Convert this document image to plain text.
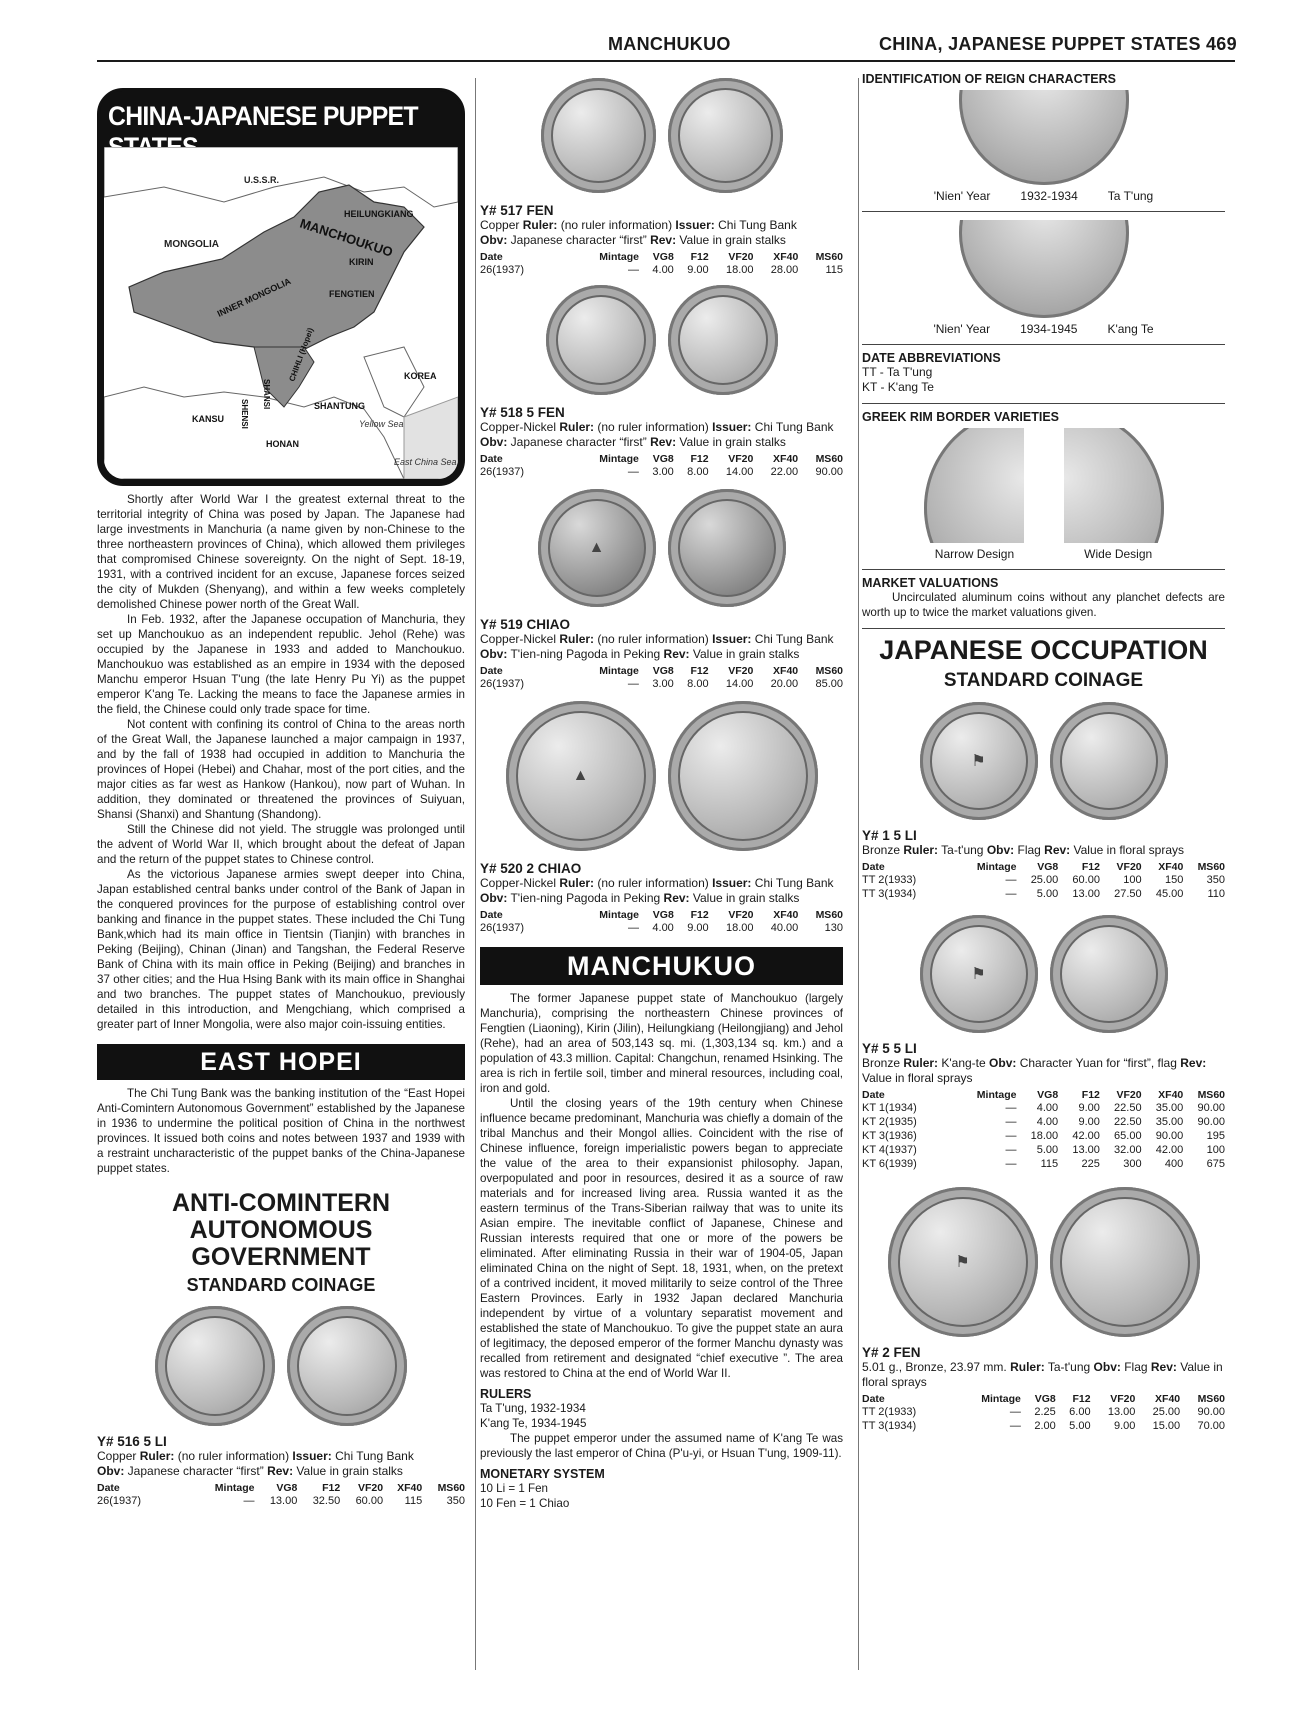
MANCHUKUO	CHINA, JAPANESE PUPPET STATES 469
CHINA-JAPANESE PUPPET
U.S.S.R.
MONGOLIA	MANCHOUKUO
HEILUNGKIANG
KIRIN
FENGTIEN
INNER MONGOLIA
CHIHLI (Hopei)
SHANSI	SHANTUNG
KOREA
KANSU SHENSI
HONAN
Yellow Sea
East China Sea

Shortly after World War I the greatest external threat to the territorial integrity of China was posed by Japan. The Japanese had large investments in Manchuria (a name given by non-Chinese to the three northeastern provinces of China), which allowed them privileges that compromised Chinese sovereignty. On the night of Sept. 18-19, 1931, with a contrived incident for an excuse, Japanese forces seized the city of Mukden (Shenyang), and within a few weeks completely demolished Chinese power north of the Great Wall.

In Feb. 1932, after the Japanese occupation of Manchuria, they set up Manchoukuo as an independent republic. Jehol (Rehe) was occupied by the Japanese in 1933 and added to Manchoukuo. Manchoukuo was established as an empire in 1934 with the deposed Manchu emperor Hsuan T'ung (the late Henry Pu Yi) as the puppet emperor K'ang Te. Lacking the means to face the Japanese armies in the field, the Chinese could only trade space for time.

Not content with confining its control of China to the areas north of the Great Wall, the Japanese launched a major campaign in 1937, and by the fall of 1938 had occupied in addition to Manchuria the provinces of Hopei (Hebei) and Chahar, most of the port cities, and the major cities as far west as Hankow (Hankou), now part of Wuhan. In addition, they dominated or threatened the provinces of Suiyuan, Shansi (Shanxi) and Shantung (Shandong).

Still the Chinese did not yield. The struggle was prolonged until the advent of World War II, which brought about the defeat of Japan and the return of the puppet states to Chinese control.

As the victorious Japanese armies swept deeper into China, Japan established central banks under control of the Bank of Japan in the conquered provinces for the purpose of establishing control over banking and finance in the puppet states. These included the Chi Tung Bank,which had its main office in Tientsin (Tianjin) with branches in Peking (Beijing), Chinan (Jinan) and Tangshan, the Federal Reserve Bank of China with its main office in Peking (Beijing) and branches in 37 other cities; and the Hua Hsing Bank with its main office in Shanghai and two branches. The puppet states of Manchoukuo, previously detailed in this introduction, and Mengchiang, which comprised a greater part of Inner Mongolia, were also major coin-issuing entities.

EAST HOPEI

The Chi Tung Bank was the banking institution of the “East Hopei Anti-Comintern Autonomous Government” established by the Japanese in 1936 to undermine the political position of China in the northwest provinces. It issued both coins and notes between 1937 and 1939 with a restraint uncharacteristic of the puppet banks of the China-Japanese puppet states.

ANTI-COMINTERN
AUTONOMOUS
GOVERNMENT
STANDARD COINAGE
Y# 516 5 LI
Copper Ruler: (no ruler information) Issuer: Chi Tung Bank
Obv: Japanese character “first” Rev: Value in grain stalks
Date	Mintage	VG8	F12	VF20	XF40	MS60
26(1937)	—	13.00	32.50	60.00	115	350
Y# 517 FEN
Copper Ruler: (no ruler information) Issuer: Chi Tung Bank
Obv: Japanese character “first” Rev: Value in grain stalks
Date	Mintage	VG8	F12	VF20	XF40	MS60
26(1937)	—	4.00	9.00	18.00	28.00	115
Y# 518 5 FEN
Copper-Nickel Ruler: (no ruler information) Issuer: Chi Tung Bank Obv: Japanese character “first” Rev: Value in grain stalks
Date	Mintage	VG8	F12	VF20	XF40	MS60
26(1937)	—	3.00	8.00	14.00	22.00	90.00
▲
Y# 519 CHIAO
Copper-Nickel Ruler: (no ruler information) Issuer: Chi Tung Bank Obv: T'ien-ning Pagoda in Peking Rev: Value in grain stalks
Date	Mintage	VG8	F12	VF20	XF40	MS60
26(1937)	—	3.00	8.00	14.00	20.00	85.00
▲
Y# 520 2 CHIAO
Copper-Nickel Ruler: (no ruler information) Issuer: Chi Tung Bank Obv: T'ien-ning Pagoda in Peking Rev: Value in grain stalks
Date	Mintage	VG8	F12	VF20	XF40	MS60
26(1937)	—	4.00	9.00	18.00	40.00	130
MANCHUKUO

The former Japanese puppet state of Manchoukuo (largely Manchuria), comprising the northeastern Chinese provinces of Fengtien (Liaoning), Kirin (Jilin), Heilungkiang (Heilongjiang) and Jehol (Rehe), had an area of 503,143 sq. mi. (1,303,134 sq. km.) and a population of 43.3 million. Capital: Changchun, renamed Hsinking. The area is rich in fertile soil, timber and mineral resources, including coal, iron and gold.

Until the closing years of the 19th century when Chinese influence became predominant, Manchuria was chiefly a domain of the tribal Manchus and their Mongol allies. Coincident with the rise of Chinese influence, foreign imperialistic powers began to appreciate the value of the area to their expansionist philosophy. Japan, overpopulated and poor in resources, desired it as a source of raw materials and for increased living area. Russia wanted it as the eastern terminus of the Trans-Siberian railway that was to unite its Asian empire. The inevitable conflict of Japanese, Chinese and Russian interests required that one or more of the powers be eliminated. After eliminating Russia in their war of 1904-05, Japan eliminated China on the night of Sept. 18, 1931, when, on the pretext of a contrived incident, it moved militarily to seize control of the Three Eastern Provinces. Early in 1932 Japan declared Manchuria independent by virtue of a voluntary separatist movement and established the state of Manchoukuo. To give the puppet state an aura of legitimacy, the deposed emperor of the former Manchu dynasty was recalled from retirement and designated “chief executive ”. The area was restored to China at the end of World War II.

RULERS
Ta T'ung, 1932-1934
K'ang Te, 1934-1945

The puppet emperor under the assumed name of K'ang Te was previously the last emperor of China (P'u-yi, or Hsuan T'ung, 1909-11).

MONETARY SYSTEM
10 Li = 1 Fen
10 Fen = 1 Chiao
IDENTIFICATION OF REIGN CHARACTERS
'Nien' Year	1932-1934	Ta T'ung
'Nien' Year	1934-1945	K'ang Te
DATE ABBREVIATIONS
TT - Ta T'ung
KT - K'ang Te
GREEK RIM BORDER VARIETIES
Narrow Design	Wide Design
MARKET VALUATIONS

Uncirculated aluminum coins without any planchet defects are worth up to twice the market valuations given.

JAPANESE OCCUPATION
STANDARD COINAGE
⚑
Y# 1 5 LI
Bronze Ruler: Ta-t'ung Obv: Flag Rev: Value in floral sprays
Date	Mintage	VG8	F12	VF20	XF40	MS60
TT 2(1933)	—	25.00	60.00	100	150	350
TT 3(1934)	—	5.00	13.00	27.50	45.00	110
⚑
Y# 5 5 LI
Bronze Ruler: K'ang-te Obv: Character Yuan for “first”, flag Rev: Value in floral sprays
Date	Mintage	VG8	F12	VF20	XF40	MS60
KT 1(1934)	—	4.00	9.00	22.50	35.00	90.00
KT 2(1935)	—	4.00	9.00	22.50	35.00	90.00
KT 3(1936)	—	18.00	42.00	65.00	90.00	195
KT 4(1937)	—	5.00	13.00	32.00	42.00	100
KT 6(1939)	—	115	225	300	400	675
⚑
Y# 2 FEN
5.01 g., Bronze, 23.97 mm. Ruler: Ta-t'ung Obv: Flag Rev: Value in floral sprays
Date	Mintage	VG8	F12	VF20	XF40	MS60
TT 2(1933)	—	2.25	6.00	13.00	25.00	90.00
TT 3(1934)	—	2.00	5.00	9.00	15.00	70.00
